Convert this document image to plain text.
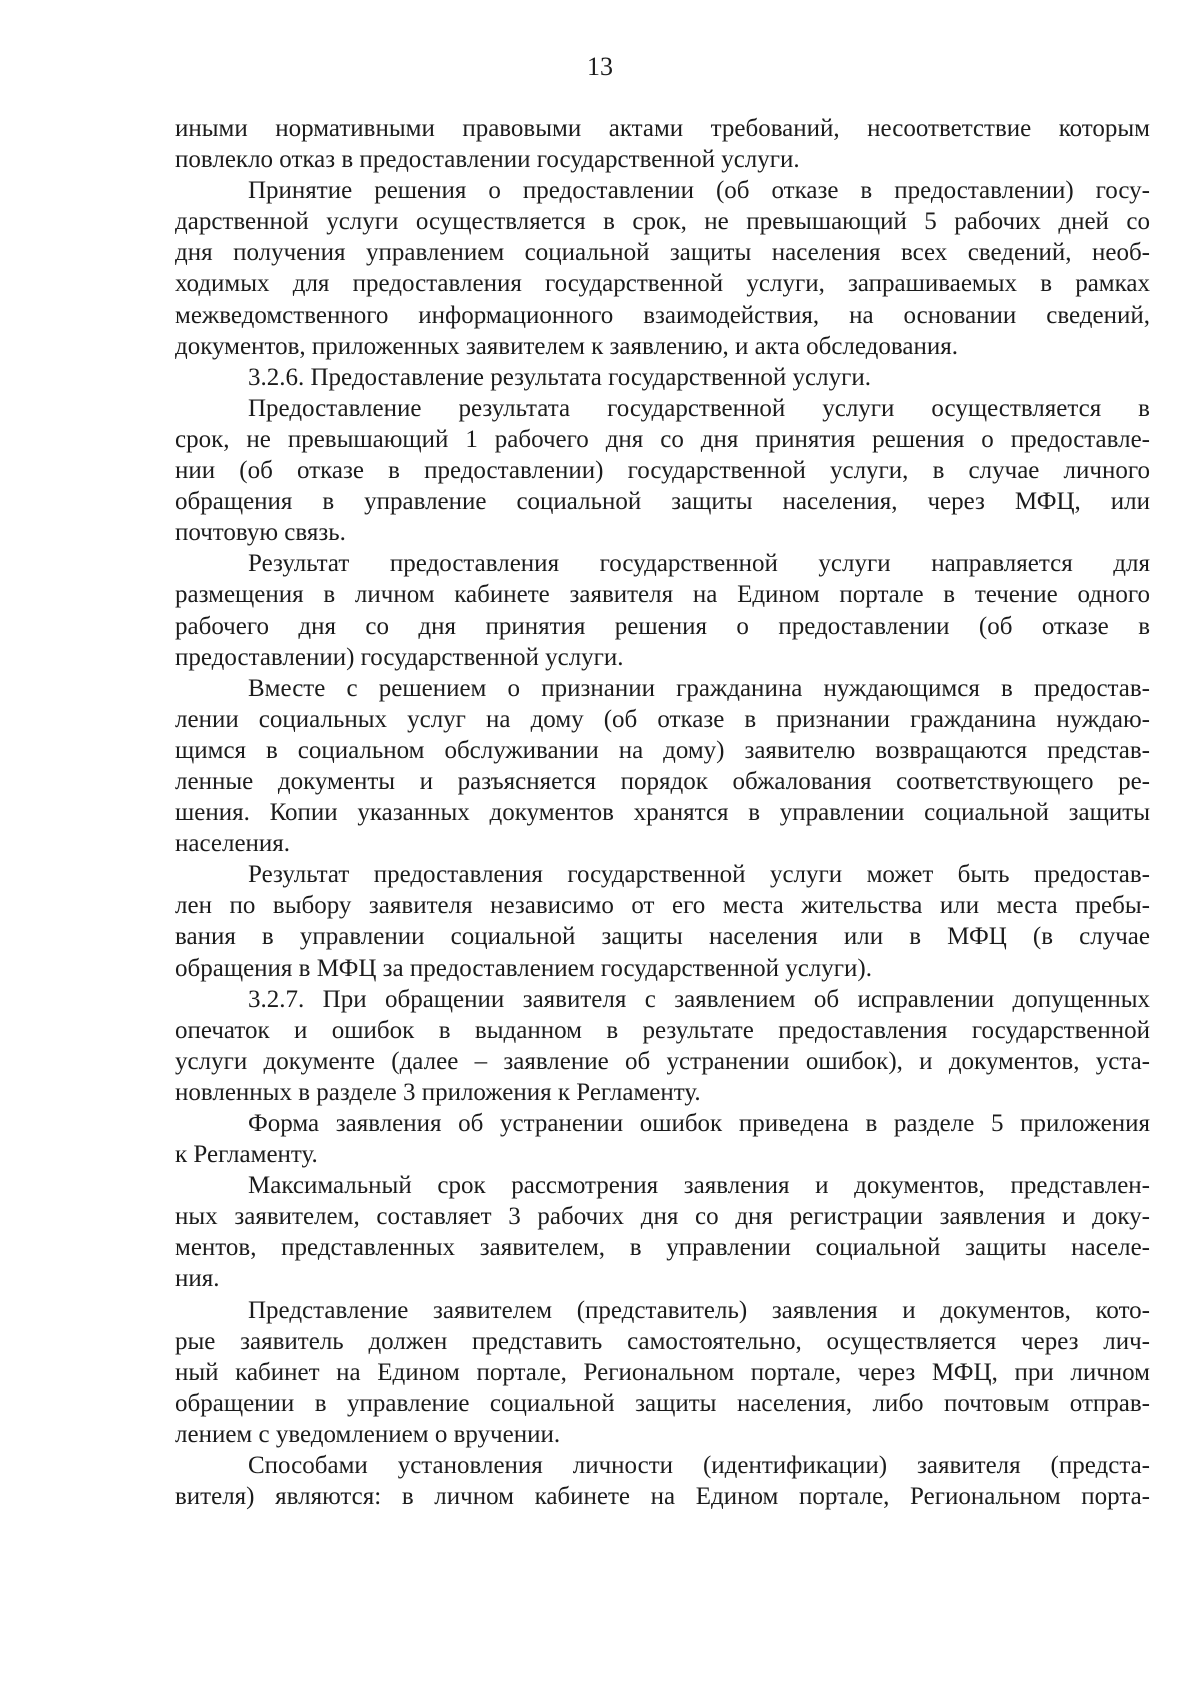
13
иными нормативными правовыми актами требований, несоответствие которым
повлекло отказ в предоставлении государственной услуги.
Принятие решения о предоставлении (об отказе в предоставлении) госу-
дарственной услуги осуществляется в срок, не превышающий 5 рабочих дней со
дня получения управлением социальной защиты населения всех сведений, необ-
ходимых для предоставления государственной услуги, запрашиваемых в рамках
межведомственного информационного взаимодействия, на основании сведений,
документов, приложенных заявителем к заявлению, и акта обследования.
3.2.6. Предоставление результата государственной услуги.
Предоставление результата государственной услуги осуществляется в
срок, не превышающий 1 рабочего дня со дня принятия решения о предоставле-
нии (об отказе в предоставлении) государственной услуги, в случае личного
обращения в управление социальной защиты населения, через МФЦ, или
почтовую связь.
Результат предоставления государственной услуги направляется для
размещения в личном кабинете заявителя на Едином портале в течение одного
рабочего дня со дня принятия решения о предоставлении (об отказе в
предоставлении) государственной услуги.
Вместе с решением о признании гражданина нуждающимся в предостав-
лении социальных услуг на дому (об отказе в признании гражданина нуждаю-
щимся в социальном обслуживании на дому) заявителю возвращаются представ-
ленные документы и разъясняется порядок обжалования соответствующего ре-
шения. Копии указанных документов хранятся в управлении социальной защиты
населения.
Результат предоставления государственной услуги может быть предостав-
лен по выбору заявителя независимо от его места жительства или места пребы-
вания в управлении социальной защиты населения или в МФЦ (в случае
обращения в МФЦ за предоставлением государственной услуги).
3.2.7. При обращении заявителя с заявлением об исправлении допущенных
опечаток и ошибок в выданном в результате предоставления государственной
услуги документе (далее – заявление об устранении ошибок), и документов, уста-
новленных в разделе 3 приложения к Регламенту.
Форма заявления об устранении ошибок приведена в разделе 5 приложения
к Регламенту.
Максимальный срок рассмотрения заявления и документов, представлен-
ных заявителем, составляет 3 рабочих дня со дня регистрации заявления и доку-
ментов, представленных заявителем, в управлении социальной защиты населе-
ния.
Представление заявителем (представитель) заявления и документов, кото-
рые заявитель должен представить самостоятельно, осуществляется через лич-
ный кабинет на Едином портале, Региональном портале, через МФЦ, при личном
обращении в управление социальной защиты населения, либо почтовым отправ-
лением с уведомлением о вручении.
Способами установления личности (идентификации) заявителя (предста-
вителя) являются: в личном кабинете на Едином портале, Региональном порта-
